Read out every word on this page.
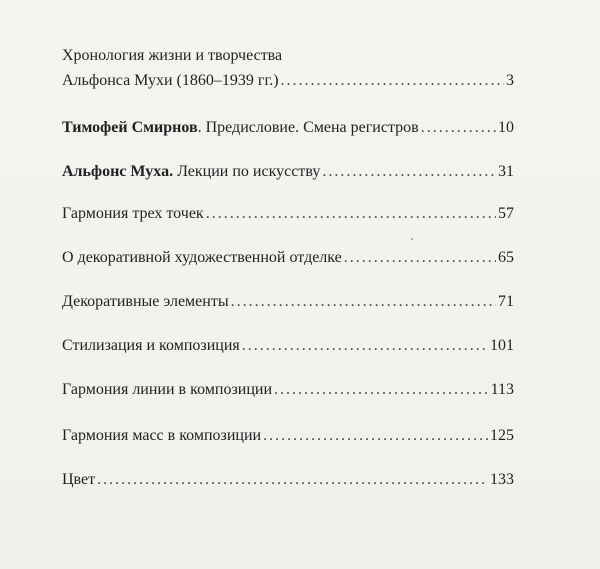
Хронология жизни и творчества
Альфонса Мухи (1860–1939 гг.) .....	3
Тимофей Смирнов. Предисловие. Смена регистров .....	10
Альфонс Муха. Лекции по искусству .....	31
Гармония трех точек .....	57
О декоративной художественной отделке .....	65
Декоративные элементы .....	71
Стилизация и композиция .....	101
Гармония линии в композиции .....	113
Гармония масс в композиции .....	125
Цвет .....	133
